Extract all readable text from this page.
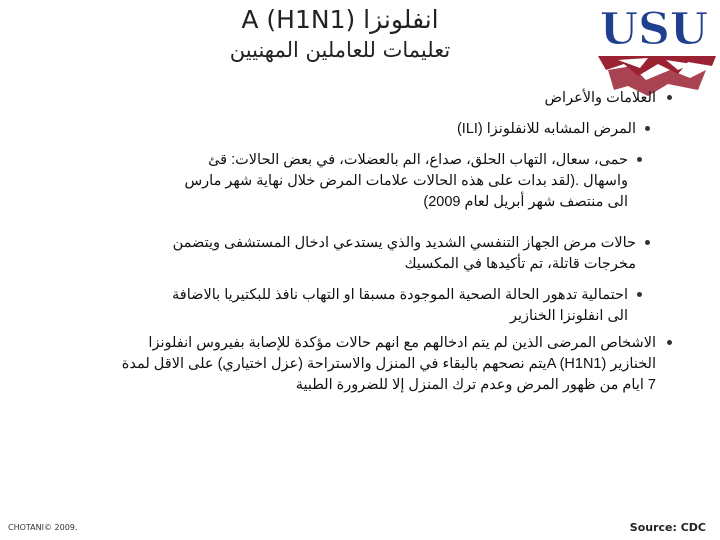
انفلونزا A (H1N1)
تعليمات للعاملين المهنيين	USU
العلامات والأعراض
المرض المشابه للانفلونزا (ILI)
حمى، سعال، التهاب الحلق، صداع، الم بالعضلات، في بعض الحالات: قئ
واسهال .(لقد بدات على هذه الحالات علامات المرض خلال نهاية شهر مارس
الى منتصف شهر أبريل لعام 2009)
حالات مرض الجهاز التنفسي الشديد والذي يستدعي ادخال المستشفى ويتضمن
مخرجات قاتلة، تم تأكيدها في المكسيك
احتمالية تدهور الحالة الصحية الموجودة مسبقا او التهاب نافذ للبكتيريا بالاضافة
الى انفلونزا الخنازير
الاشخاص المرضى الذين لم يتم ادخالهم مع انهم حالات مؤكدة للإصابة بفيروس انفلونزا
الخنازير A (H1N1)يتم نصحهم بالبقاء في المنزل والاستراحة (عزل اختياري) على الاقل لمدة
7 ايام من ظهور المرض وعدم ترك المنزل إلا للضرورة الطبية
CHOTANI© 2009.	Source: CDC
